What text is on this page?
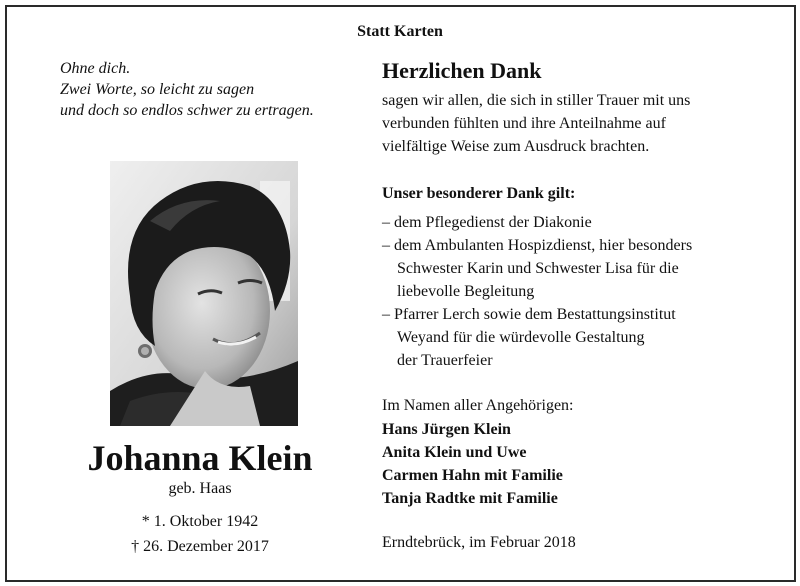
Statt Karten
Ohne dich.
Zwei Worte, so leicht zu sagen
und doch so endlos schwer zu ertragen.
Johanna Klein
geb. Haas
* 1. Oktober 1942
† 26. Dezember 2017
Herzlichen Dank
sagen wir allen, die sich in stiller Trauer mit uns
verbunden fühlten und ihre Anteilnahme auf
vielfältige Weise zum Ausdruck brachten.
Unser besonderer Dank gilt:
– dem Pflegedienst der Diakonie
– dem Ambulanten Hospizdienst, hier besonders
Schwester Karin und Schwester Lisa für die
liebevolle Begleitung
– Pfarrer Lerch sowie dem Bestattungsinstitut
Weyand für die würdevolle Gestaltung
der Trauerfeier
Im Namen aller Angehörigen:
Hans Jürgen Klein
Anita Klein und Uwe
Carmen Hahn mit Familie
Tanja Radtke mit Familie
Erndtebrück, im Februar 2018
